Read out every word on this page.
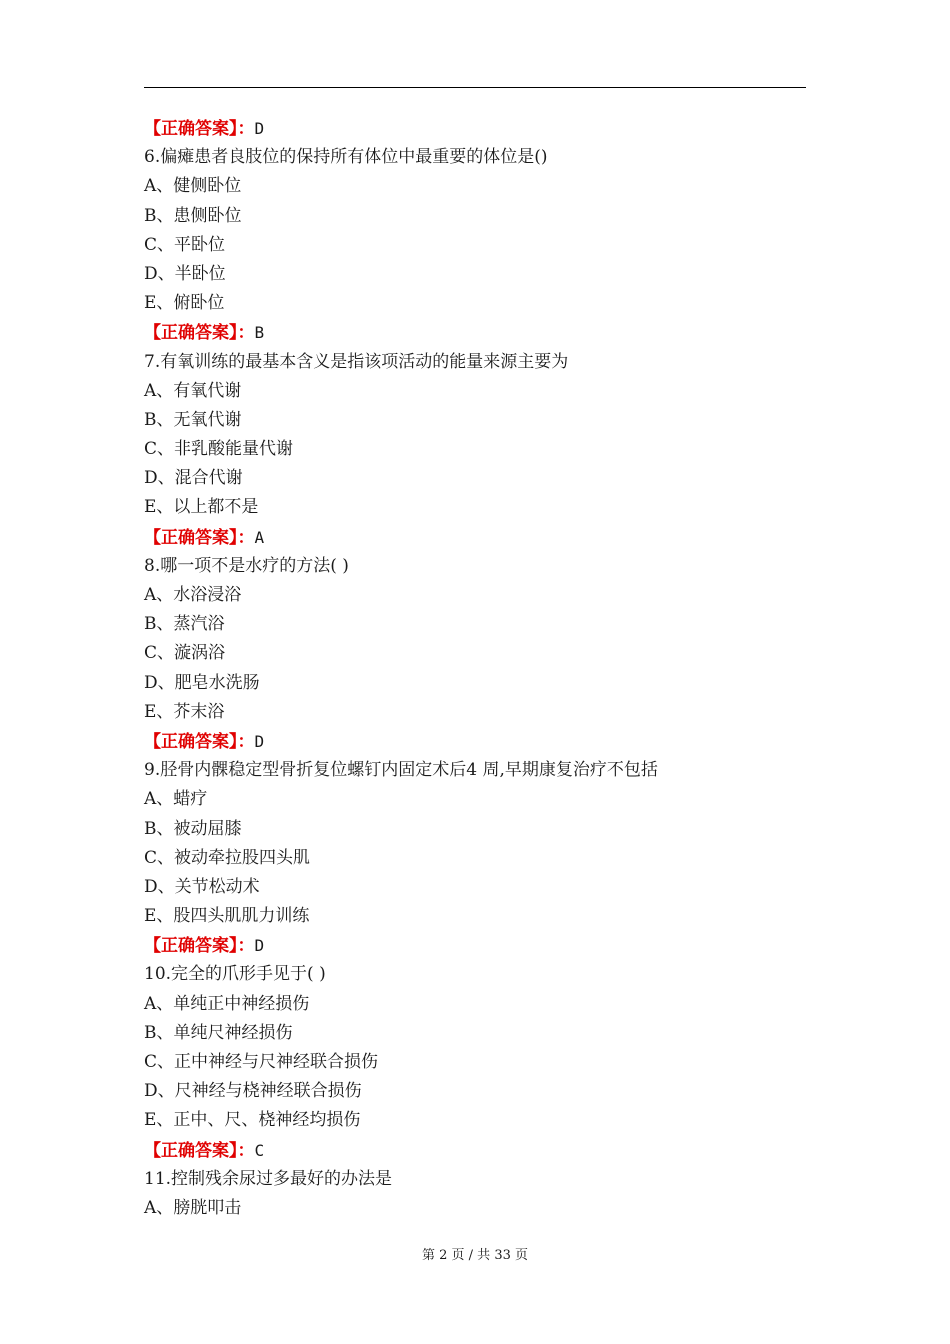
【正确答案】：D
6.偏瘫患者良肢位的保持所有体位中最重要的体位是()
A、健侧卧位
B、患侧卧位
C、平卧位
D、半卧位
E、俯卧位
【正确答案】：B
7.有氧训练的最基本含义是指该项活动的能量来源主要为
A、有氧代谢
B、无氧代谢
C、非乳酸能量代谢
D、混合代谢
E、以上都不是
【正确答案】：A
8.哪一项不是水疗的方法( )
A、水浴浸浴
B、蒸汽浴
C、漩涡浴
D、肥皂水洗肠
E、芥末浴
【正确答案】：D
9.胫骨内髁稳定型骨折复位螺钉内固定术后4 周,早期康复治疗不包括
A、蜡疗
B、被动屈膝
C、被动牵拉股四头肌
D、关节松动术
E、股四头肌肌力训练
【正确答案】：D
10.完全的爪形手见于( )
A、单纯正中神经损伤
B、单纯尺神经损伤
C、正中神经与尺神经联合损伤
D、尺神经与桡神经联合损伤
E、正中、尺、桡神经均损伤
【正确答案】：C
11.控制残余尿过多最好的办法是
A、膀胱叩击
第 2 页 / 共 33 页
